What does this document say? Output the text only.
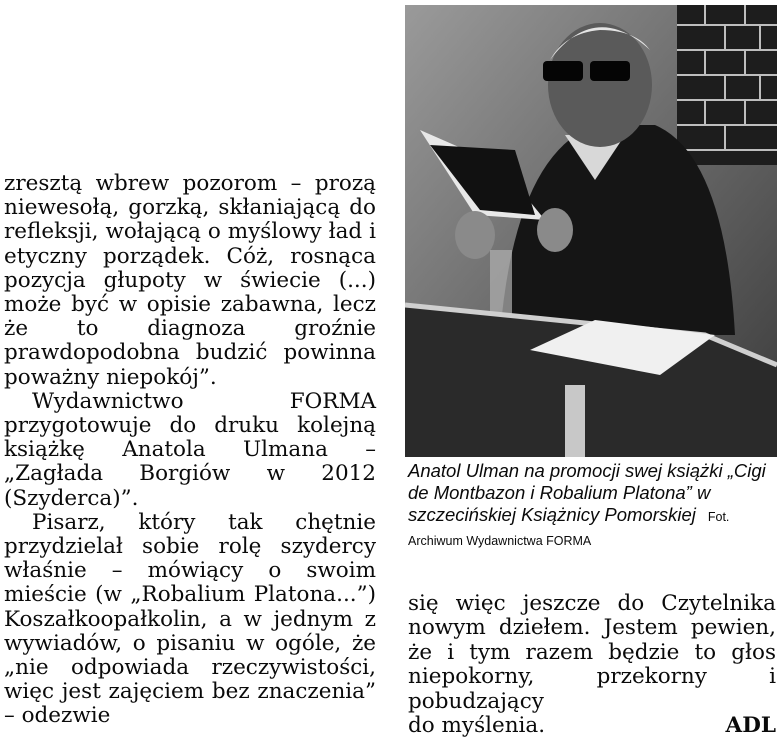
zresztą wbrew pozorom – prozą niewesołą, gorzką, skłaniającą do refleksji, wołającą o myślowy ład i etyczny porządek. Cóż, rosnąca pozycja głupoty w świecie (...) może być w opisie zabawna, lecz że to diagnoza groźnie prawdopodobna budzić powinna poważny niepokój”.

Wydawnictwo FORMA przygotowuje do druku kolejną książkę Anatola Ulmana – „Zagłada Borgiów w 2012 (Szyderca)”.

Pisarz, który tak chętnie przydzielał sobie rolę szydercy właśnie – mówiący o swoim mieście (w „Robalium Platona...”) Koszałkoopałkolin, a w jednym z wywiadów, o pisaniu w ogóle, że „nie odpowiada rzeczywistości, więc jest zajęciem bez znaczenia” – odezwie

Anatol Ulman na promocji swej książki „Cigi de Montbazon i Robalium Platona” w szczecińskiej Książnicy Pomorskiej Fot. Archiwum Wydawnictwa FORMA

się więc jeszcze do Czytelnika nowym dziełem. Jestem pewien, że i tym razem będzie to głos niepokorny, przekorny i pobudzający

do myślenia.	ADL
